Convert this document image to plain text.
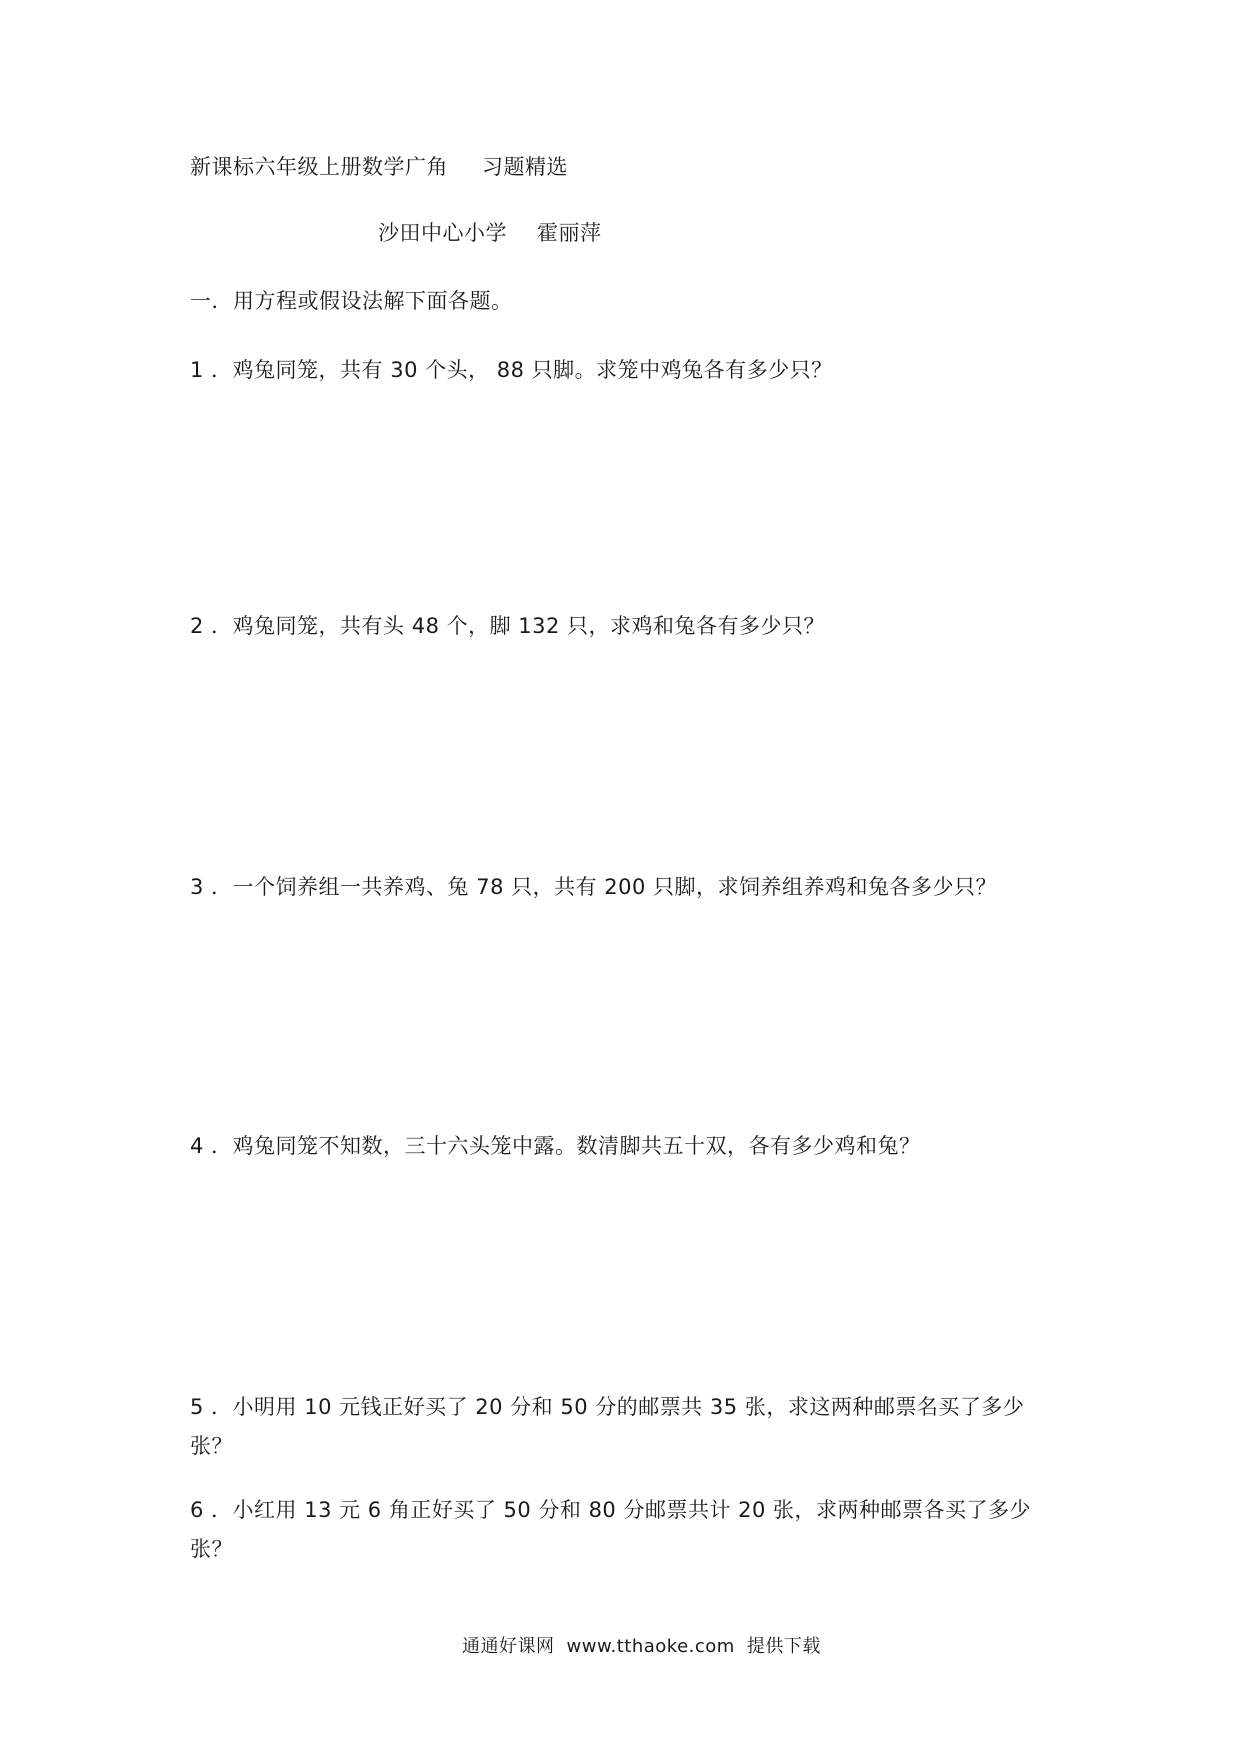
新课标六年级上册数学广角 习题精选
沙田中心小学 霍丽萍
一．用方程或假设法解下面各题。
1 ．鸡兔同笼，共有 30 个头， 88 只脚。求笼中鸡兔各有多少只？
2 ．鸡兔同笼，共有头 48 个，脚 132 只，求鸡和兔各有多少只？
3 ．一个饲养组一共养鸡、兔 78 只，共有 200 只脚，求饲养组养鸡和兔各多少只？
4 ．鸡兔同笼不知数，三十六头笼中露。数清脚共五十双，各有多少鸡和兔？
5 ．小明用 10 元钱正好买了 20 分和 50 分的邮票共 35 张，求这两种邮票名买了多少
张？
6 ．小红用 13 元 6 角正好买了 50 分和 80 分邮票共计 20 张，求两种邮票各买了多少
张？
通通好课网 www.tthaoke.com 提供下载
